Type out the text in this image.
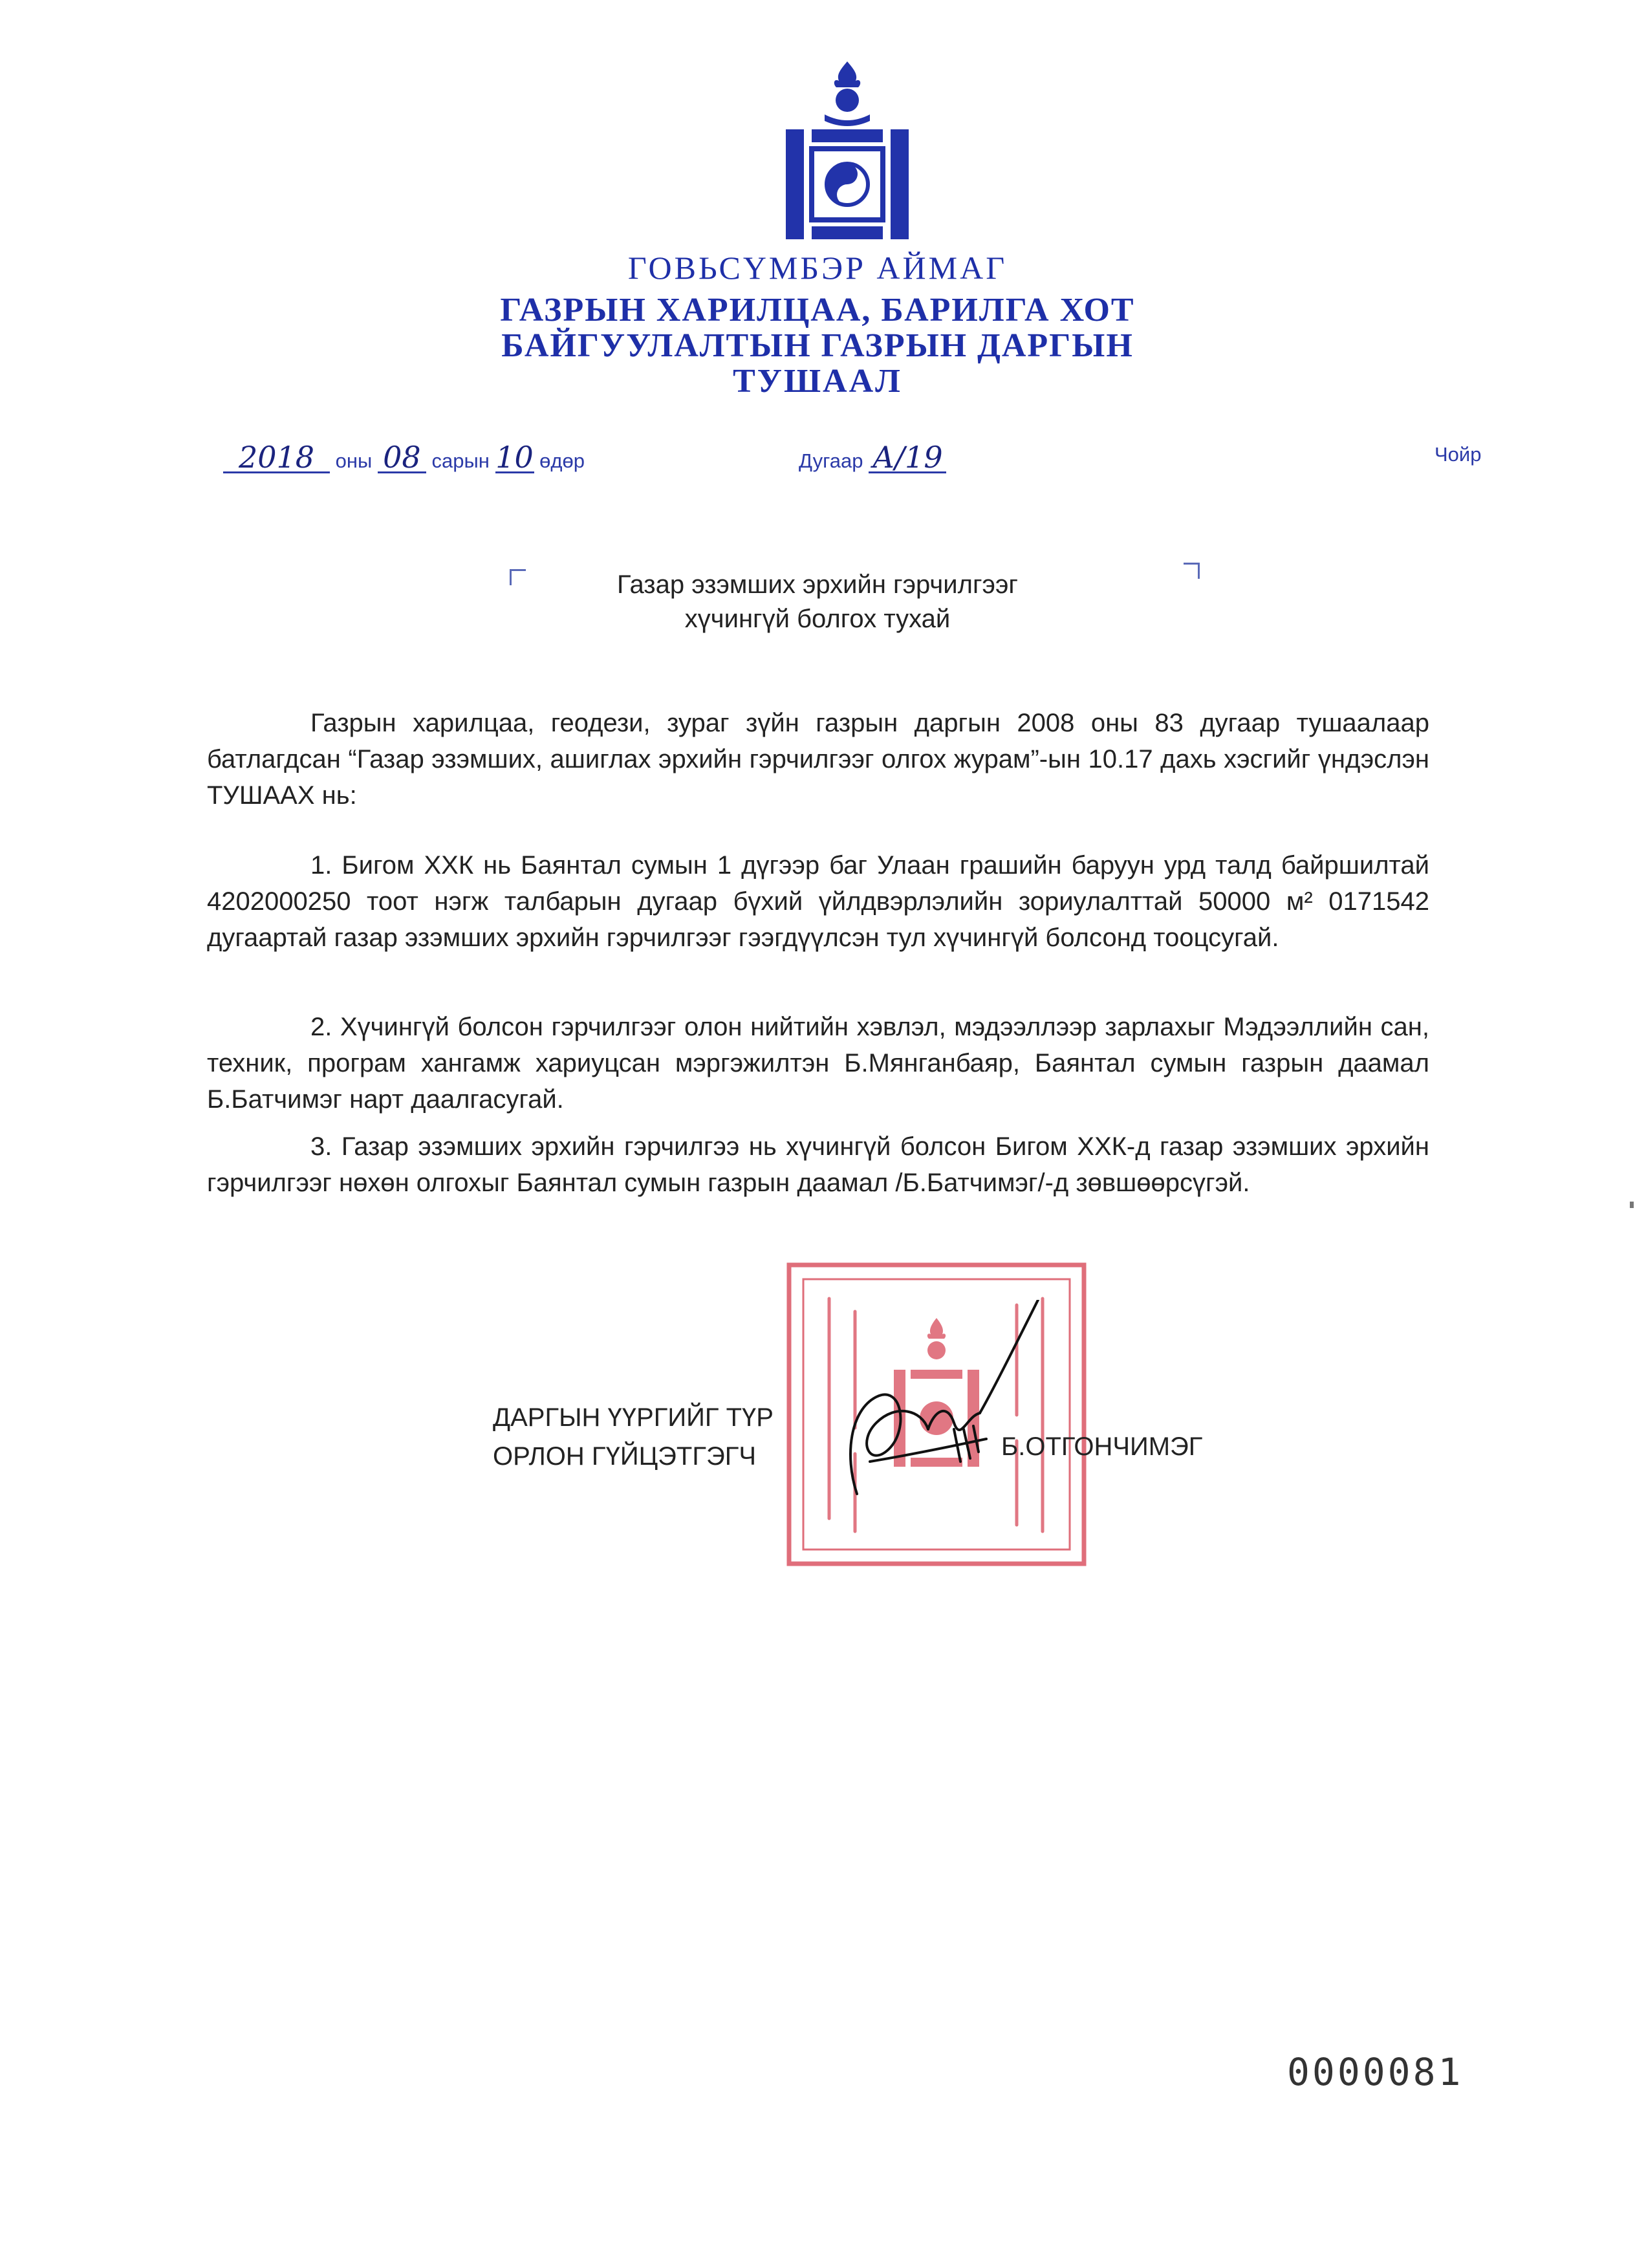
ГОВЬСҮМБЭР АЙМАГ
ГАЗРЫН ХАРИЛЦАА, БАРИЛГА ХОТ
БАЙГУУЛАЛТЫН ГАЗРЫН ДАРГЫН
ТУШААЛ
2018 оны 08 сарын 10 өдөр	Дугаар А/19	Чойр
Газар эзэмших эрхийн гэрчилгээг
хүчингүй болгох тухай

Газрын харилцаа, геодези, зураг зүйн газрын даргын 2008 оны 83 дугаар тушаалаар батлагдсан “Газар эзэмших, ашиглах эрхийн гэрчилгээг олгох журам”-ын 10.17 дахь хэсгийг үндэслэн ТУШААХ нь:

1. Бигом ХХК нь Баянтал сумын 1 дүгээр баг Улаан грашийн баруун урд талд байршилтай 4202000250 тоот нэгж талбарын дугаар бүхий үйлдвэрлэлийн зориулалттай 50000 м² 0171542 дугаартай газар эзэмших эрхийн гэрчилгээг гээгдүүлсэн тул хүчингүй болсонд тооцсугай.

2. Хүчингүй болсон гэрчилгээг олон нийтийн хэвлэл, мэдээллээр зарлахыг Мэдээллийн сан, техник, програм хангамж хариуцсан мэргэжилтэн Б.Мянганбаяр, Баянтал сумын газрын даамал Б.Батчимэг нарт даалгасугай.

3. Газар эзэмших эрхийн гэрчилгээ нь хүчингүй болсон Бигом ХХК-д газар эзэмших эрхийн гэрчилгээг нөхөн олгохыг Баянтал сумын газрын даамал /Б.Батчимэг/-д зөвшөөрсүгэй.

ДАРГЫН ҮҮРГИЙГ ТҮР
ОРЛОН ГҮЙЦЭТГЭГЧ	Б.ОТГОНЧИМЭГ
0000081
